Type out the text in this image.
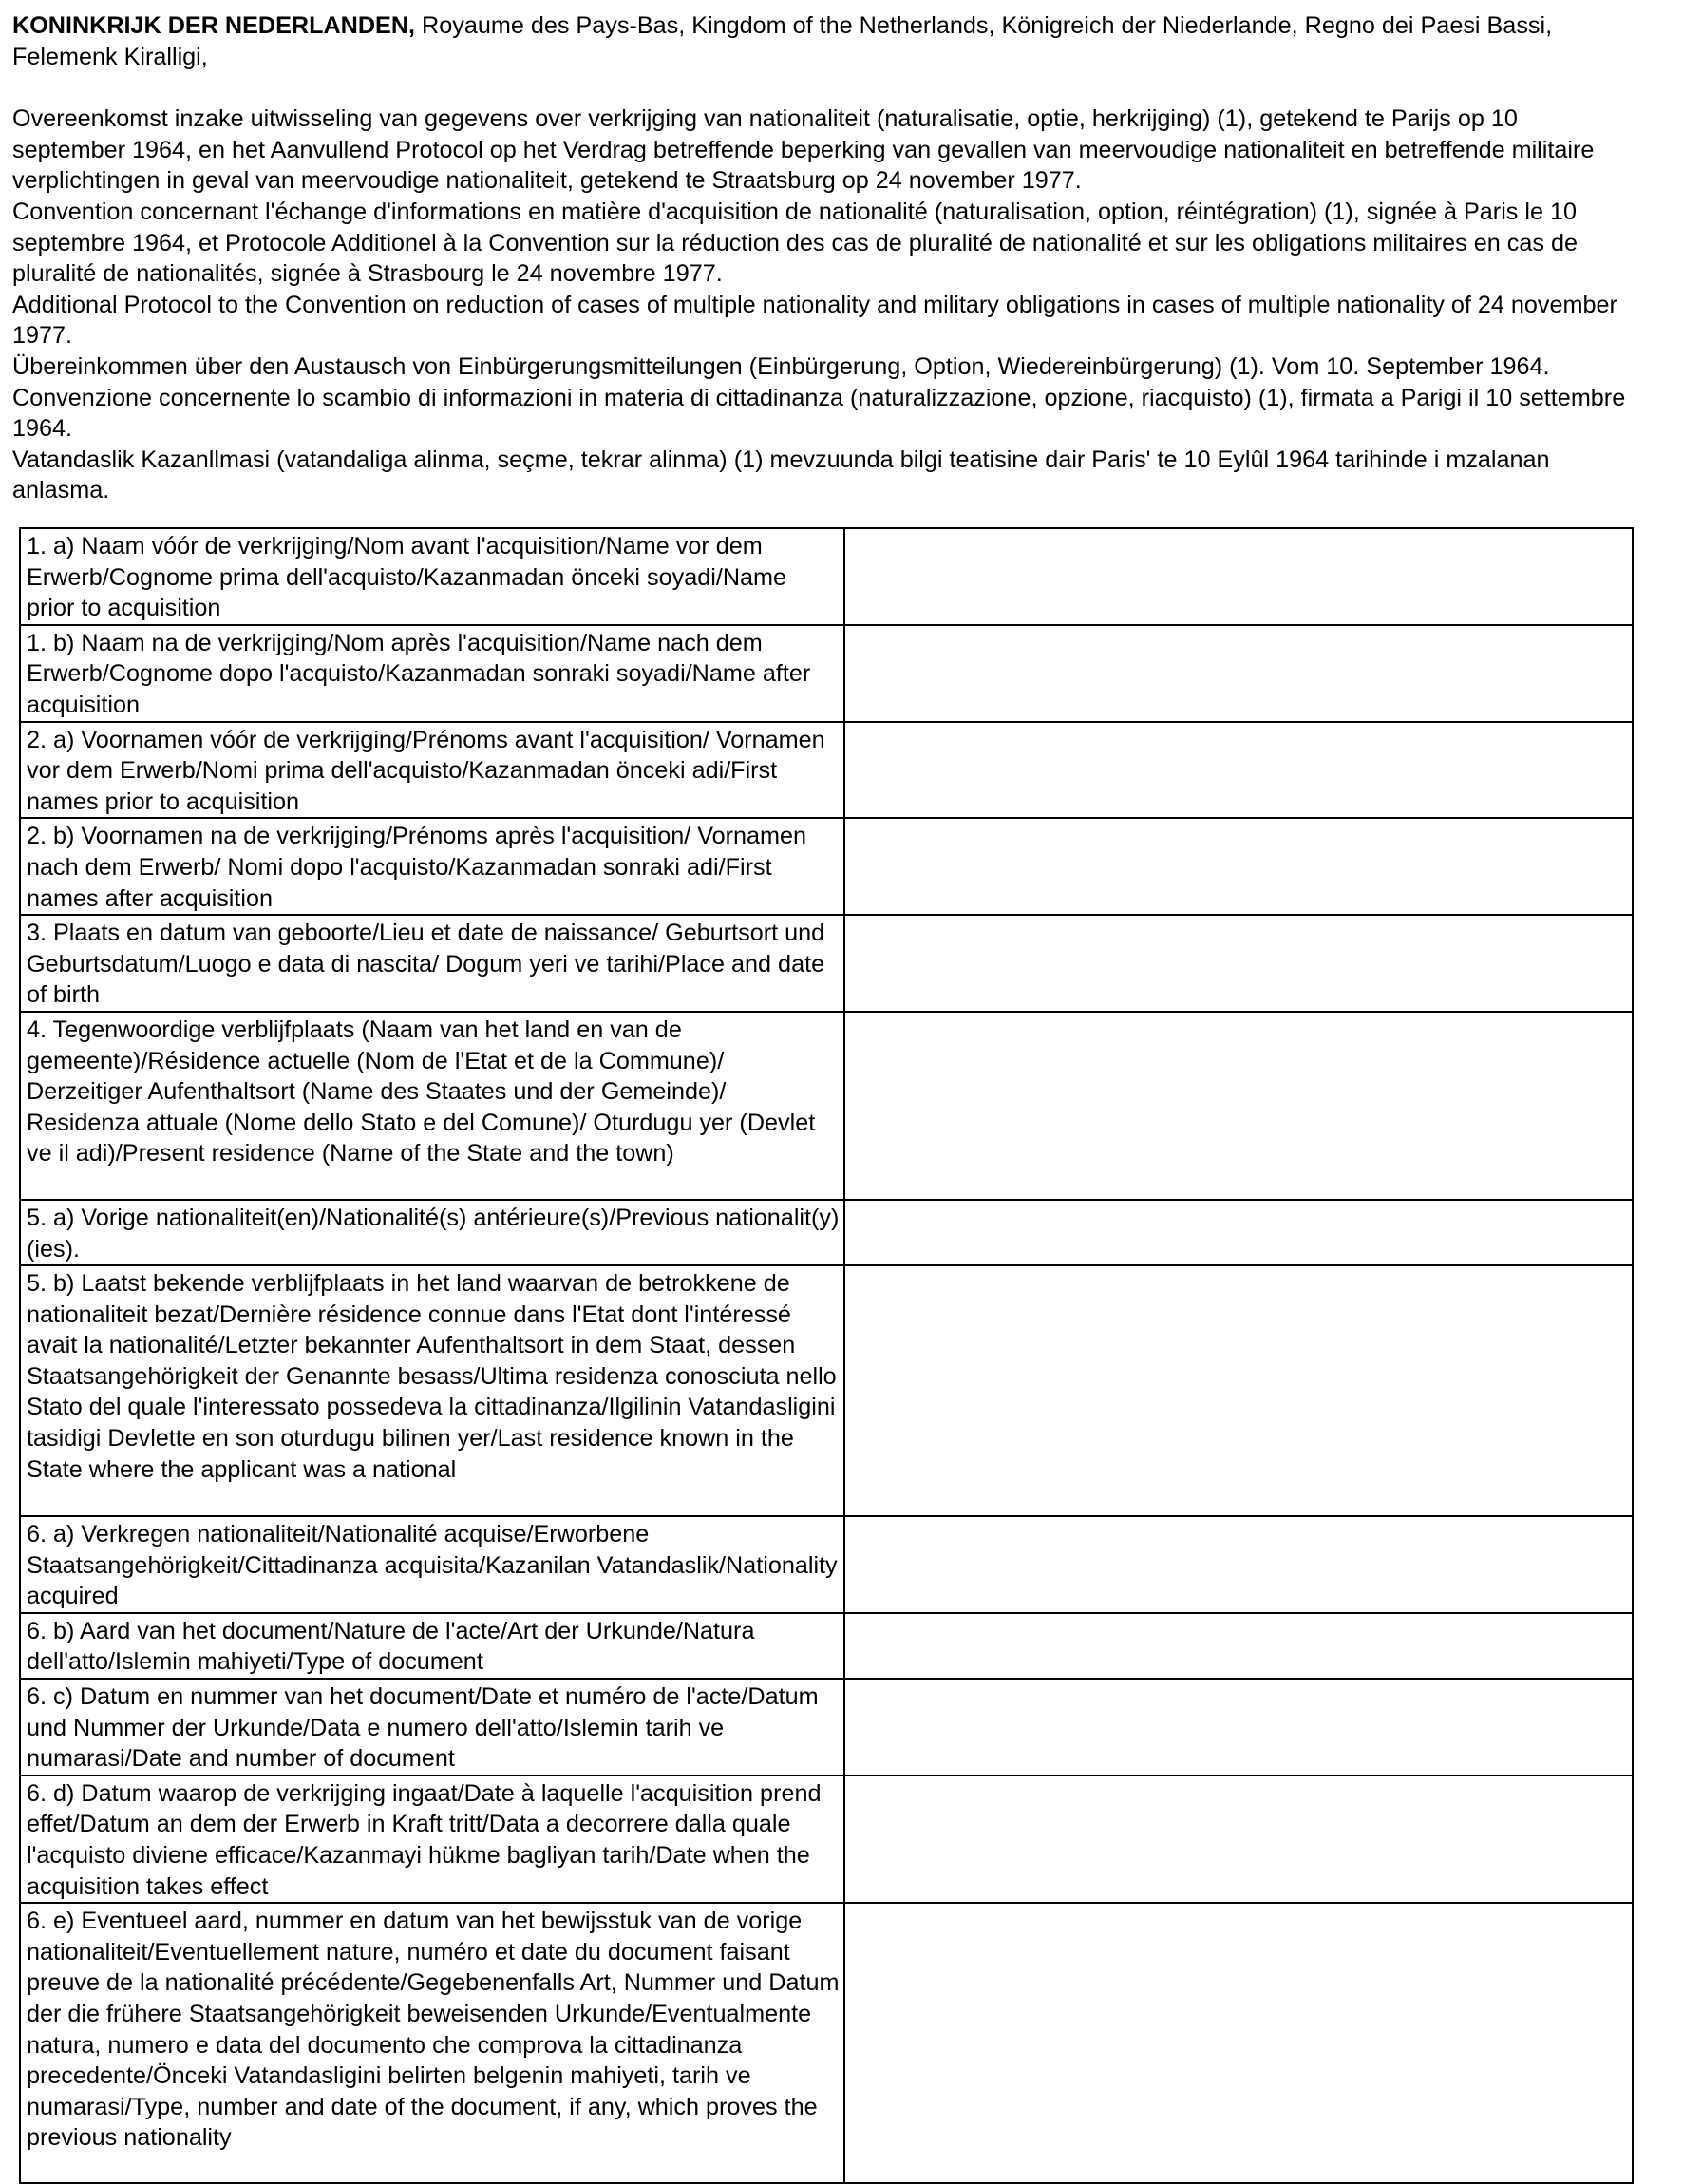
KONINKRIJK DER NEDERLANDEN, Royaume des Pays-Bas, Kingdom of the Netherlands, Königreich der Niederlande, Regno dei Paesi Bassi, Felemenk Kiralligi,

Overeenkomst inzake uitwisseling van gegevens over verkrijging van nationaliteit (naturalisatie, optie, herkrijging) (1), getekend te Parijs op 10 september 1964, en het Aanvullend Protocol op het Verdrag betreffende beperking van gevallen van meervoudige nationaliteit en betreffende militaire verplichtingen in geval van meervoudige nationaliteit, getekend te Straatsburg op 24 november 1977.

Convention concernant l'échange d'informations en matière d'acquisition de nationalité (naturalisation, option, réintégration) (1), signée à Paris le 10 septembre 1964, et Protocole Additionel à la Convention sur la réduction des cas de pluralité de nationalité et sur les obligations militaires en cas de pluralité de nationalités, signée à Strasbourg le 24 novembre 1977.

Additional Protocol to the Convention on reduction of cases of multiple nationality and military obligations in cases of multiple nationality of 24 november 1977.

Übereinkommen über den Austausch von Einbürgerungsmitteilungen (Einbürgerung, Option, Wiedereinbürgerung) (1). Vom 10. September 1964.

Convenzione concernente lo scambio di informazioni in materia di cittadinanza (naturalizzazione, opzione, riacquisto) (1), firmata a Parigi il 10 settembre 1964.

Vatandaslik Kazanllmasi (vatandaliga alinma, seçme, tekrar alinma) (1) mevzuunda bilgi teatisine dair Paris' te 10 Eylûl 1964 tarihinde i mzalanan anlasma.

1. a) Naam vóór de verkrijging/Nom avant l'acquisition/Name vor dem Erwerb/Cognome prima dell'acquisto/Kazanmadan önceki soyadi/Name prior to acquisition	
1. b) Naam na de verkrijging/Nom après l'acquisition/Name nach dem Erwerb/Cognome dopo l'acquisto/Kazanmadan sonraki soyadi/Name after acquisition	
2. a) Voornamen vóór de verkrijging/Prénoms avant l'acquisition/ Vornamen vor dem Erwerb/Nomi prima dell'acquisto/Kazanmadan önceki adi/First names prior to acquisition	
2. b) Voornamen na de verkrijging/Prénoms après l'acquisition/ Vornamen nach dem Erwerb/ Nomi dopo l'acquisto/Kazanmadan sonraki adi/First names after acquisition	
3. Plaats en datum van geboorte/Lieu et date de naissance/ Geburtsort und Geburtsdatum/Luogo e data di nascita/ Dogum yeri ve tarihi/Place and date of birth	
4. Tegenwoordige verblijfplaats (Naam van het land en van de gemeente)/Résidence actuelle (Nom de l'Etat et de la Commune)/ Derzeitiger Aufenthaltsort (Name des Staates und der Gemeinde)/ Residenza attuale (Nome dello Stato e del Comune)/ Oturdugu yer (Devlet ve il adi)/Present residence (Name of the State and the town)	
5. a) Vorige nationaliteit(en)/Nationalité(s) antérieure(s)/Previous nationalit(y)(ies).	
5. b) Laatst bekende verblijfplaats in het land waarvan de betrokkene de nationaliteit bezat/Dernière résidence connue dans l'Etat dont l'intéressé avait la nationalité/Letzter bekannter Aufenthaltsort in dem Staat, dessen Staatsangehörigkeit der Genannte besass/Ultima residenza conosciuta nello Stato del quale l'interessato possedeva la cittadinanza/Ilgilinin Vatandasligini tasidigi Devlette en son oturdugu bilinen yer/Last residence known in the State where the applicant was a national	
6. a) Verkregen nationaliteit/Nationalité acquise/Erworbene Staatsangehörigkeit/Cittadinanza acquisita/Kazanilan Vatandaslik/Nationality acquired	
6. b) Aard van het document/Nature de l'acte/Art der Urkunde/Natura dell'atto/Islemin mahiyeti/Type of document	
6. c) Datum en nummer van het document/Date et numéro de l'acte/Datum und Nummer der Urkunde/Data e numero dell'atto/Islemin tarih ve numarasi/Date and number of document	
6. d) Datum waarop de verkrijging ingaat/Date à laquelle l'acquisition prend effet/Datum an dem der Erwerb in Kraft tritt/Data a decorrere dalla quale l'acquisto diviene efficace/Kazanmayi hükme bagliyan tarih/Date when the acquisition takes effect	
6. e) Eventueel aard, nummer en datum van het bewijsstuk van de vorige nationaliteit/Eventuellement nature, numéro et date du document faisant preuve de la nationalité précédente/Gegebenenfalls Art, Nummer und Datum der die frühere Staatsangehörigkeit beweisenden Urkunde/Eventualmente natura, numero e data del documento che comprova la cittadinanza precedente/Önceki Vatandasligini belirten belgenin mahiyeti, tarih ve numarasi/Type, number and date of the document, if any, which proves the previous nationality	
